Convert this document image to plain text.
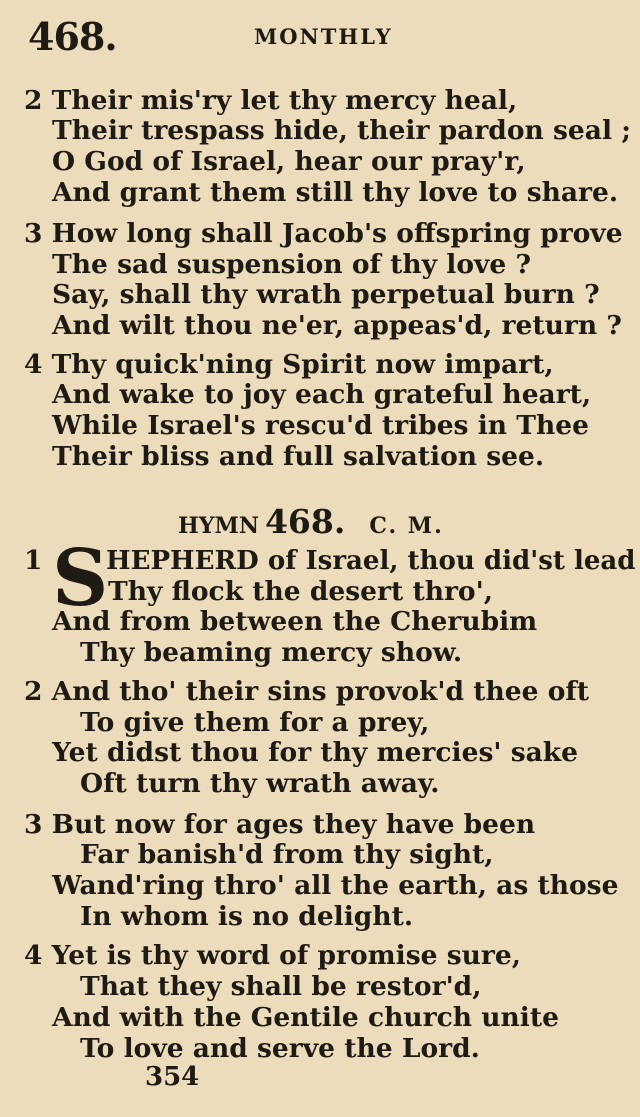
468.	MONTHLY
2 Their mis'ry let thy mercy heal,
Their trespass hide, their pardon seal ;
O God of Israel, hear our pray'r,
And grant them still thy love to share.
3 How long shall Jacob's offspring prove
The sad suspension of thy love ?
Say, shall thy wrath perpetual burn ?
And wilt thou ne'er, appeas'd, return ?
4 Thy quick'ning Spirit now impart,
And wake to joy each grateful heart,
While Israel's rescu'd tribes in Thee
Their bliss and full salvation see.
HYMN 468. C. M.
1 S
HEPHERD of Israel, thou did'st lead
Thy flock the desert thro',
And from between the Cherubim
Thy beaming mercy show.
2 And tho' their sins provok'd thee oft
To give them for a prey,
Yet didst thou for thy mercies' sake
Oft turn thy wrath away.
3 But now for ages they have been
Far banish'd from thy sight,
Wand'ring thro' all the earth, as those
In whom is no delight.
4 Yet is thy word of promise sure,
That they shall be restor'd,
And with the Gentile church unite
To love and serve the Lord.
354
